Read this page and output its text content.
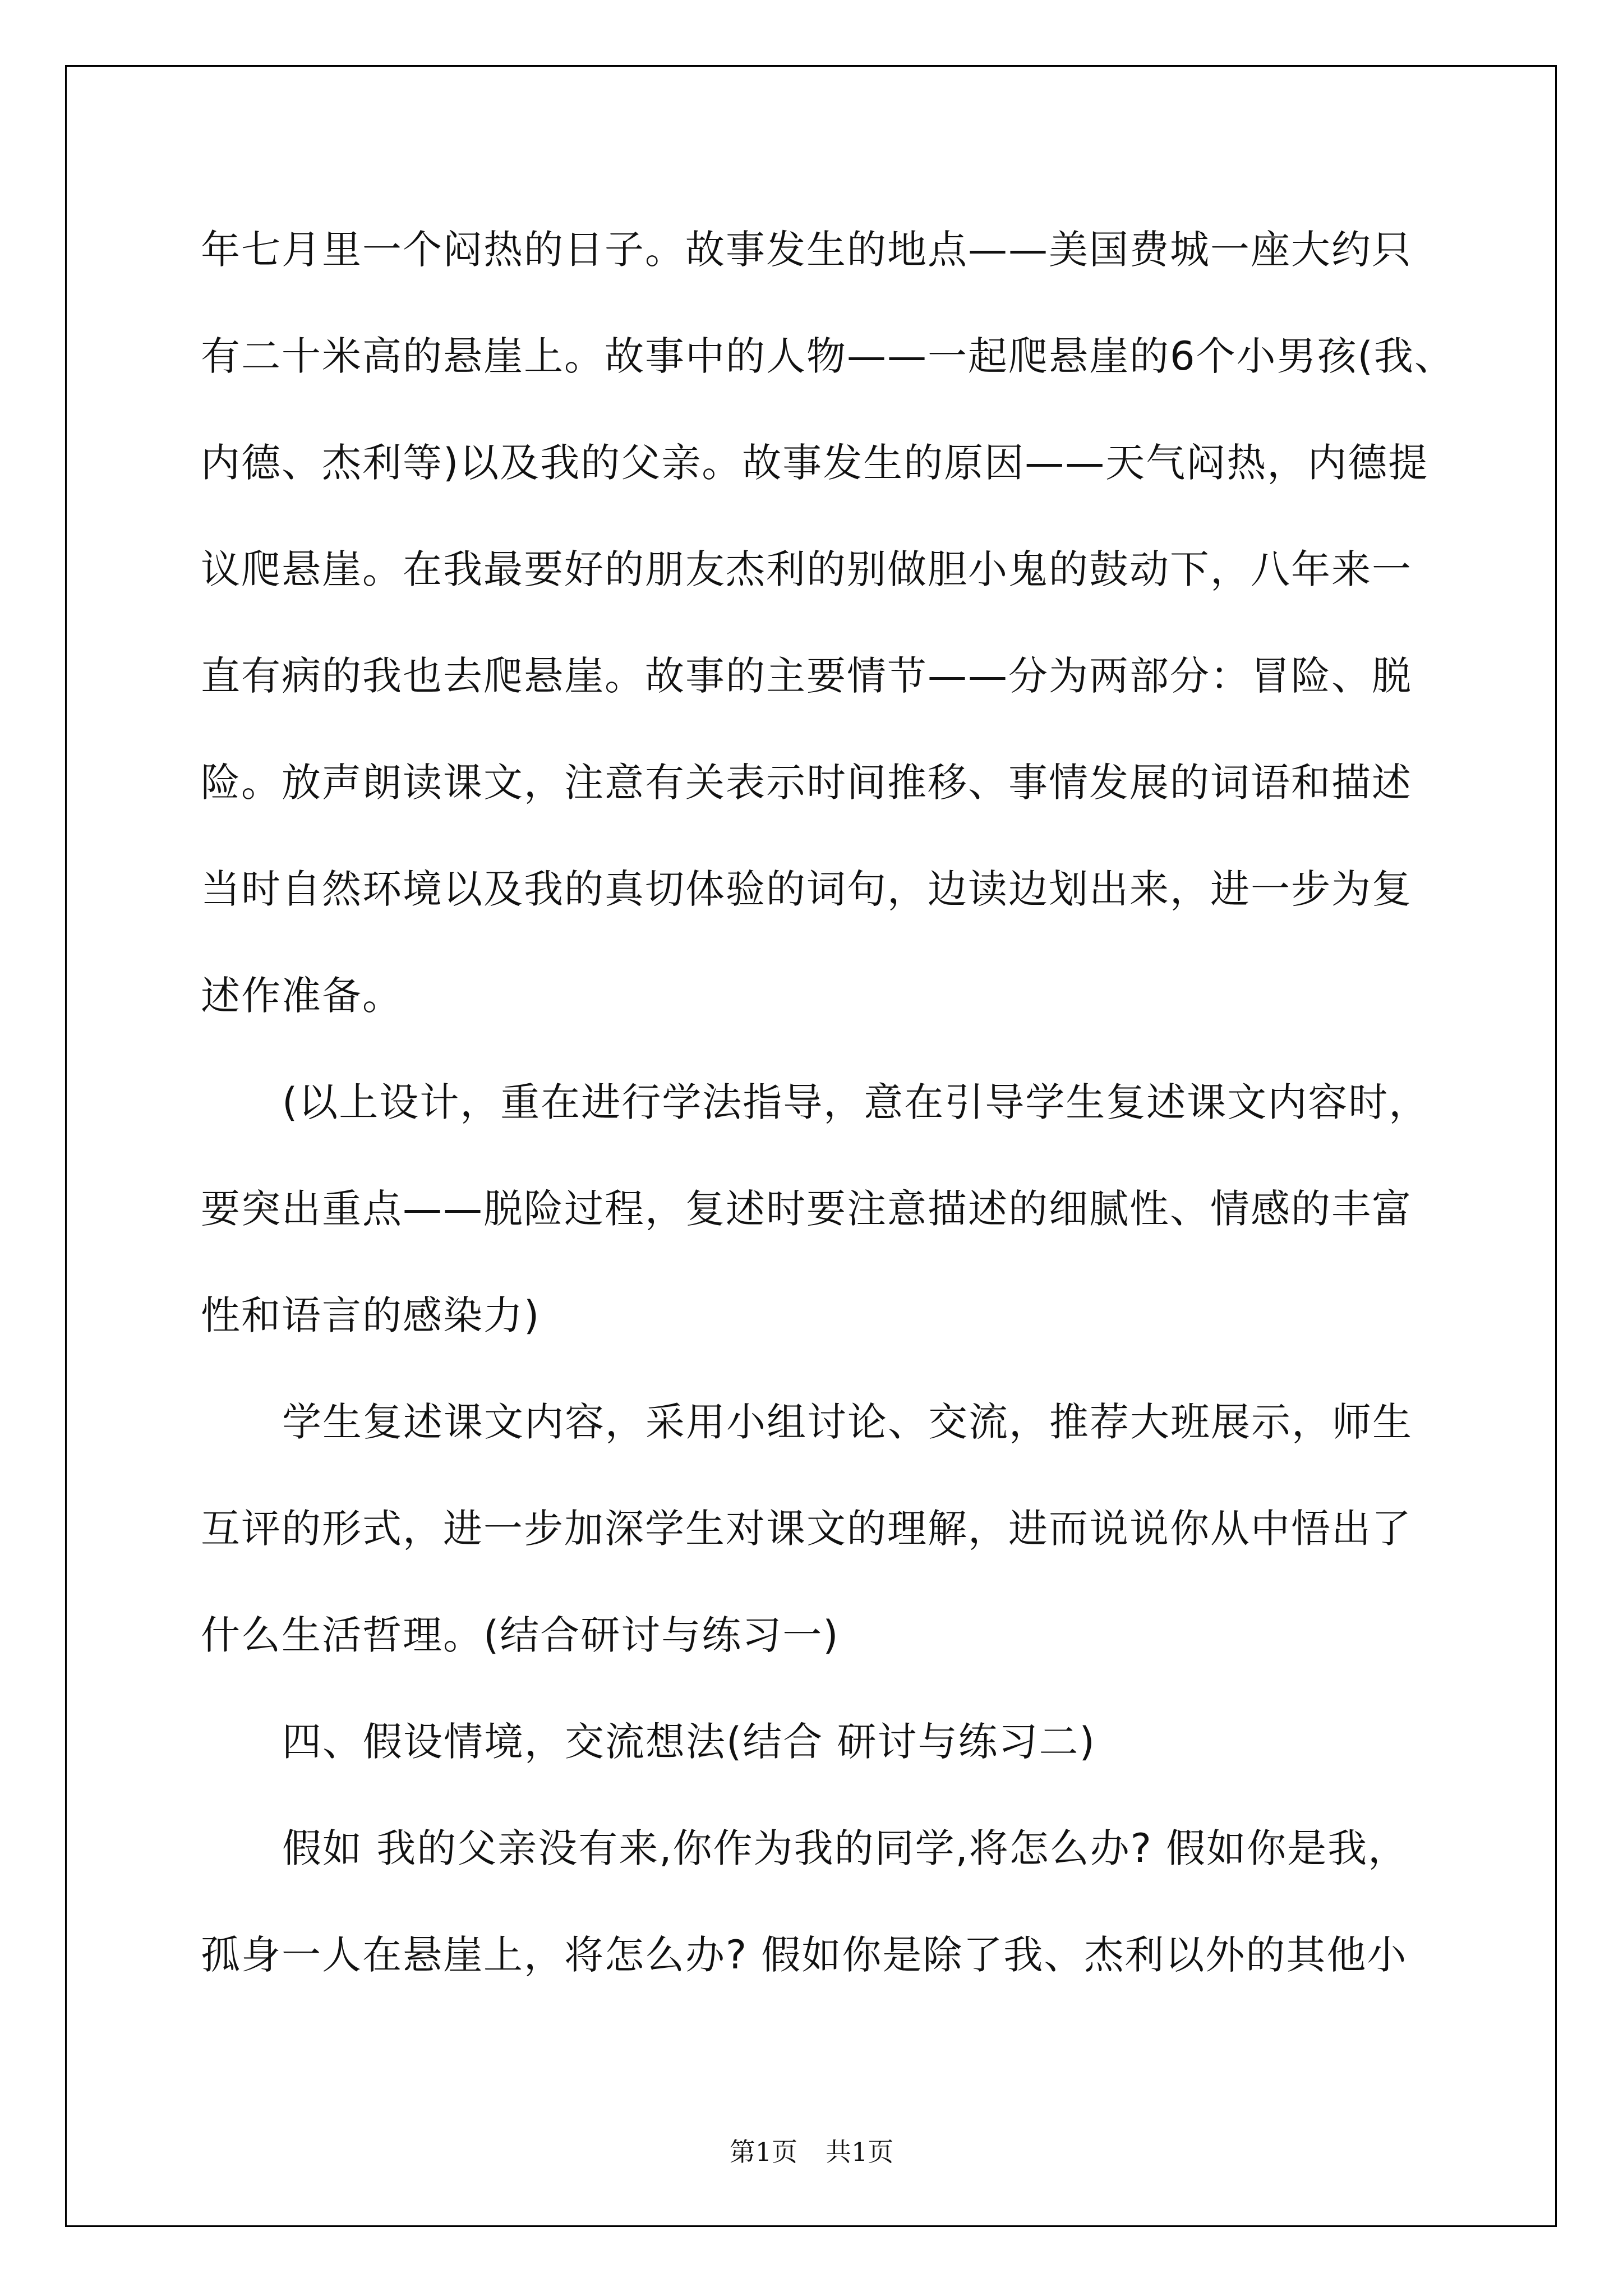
年七月里一个闷热的日子。故事发生的地点——美国费城一座大约只
有二十米高的悬崖上。故事中的人物——一起爬悬崖的6个小男孩(我、
内德、杰利等)以及我的父亲。故事发生的原因——天气闷热，内德提
议爬悬崖。在我最要好的朋友杰利的别做胆小鬼的鼓动下，八年来一
直有病的我也去爬悬崖。故事的主要情节——分为两部分：冒险、脱
险。放声朗读课文，注意有关表示时间推移、事情发展的词语和描述
当时自然环境以及我的真切体验的词句，边读边划出来，进一步为复
述作准备。
(以上设计，重在进行学法指导，意在引导学生复述课文内容时，
要突出重点——脱险过程，复述时要注意描述的细腻性、情感的丰富
性和语言的感染力)
学生复述课文内容，采用小组讨论、交流，推荐大班展示，师生
互评的形式，进一步加深学生对课文的理解，进而说说你从中悟出了
什么生活哲理。(结合研讨与练习一)
四、假设情境，交流想法(结合 研讨与练习二)
假如 我的父亲没有来,你作为我的同学,将怎么办? 假如你是我，
孤身一人在悬崖上，将怎么办? 假如你是除了我、杰利以外的其他小
第1页 共1页
